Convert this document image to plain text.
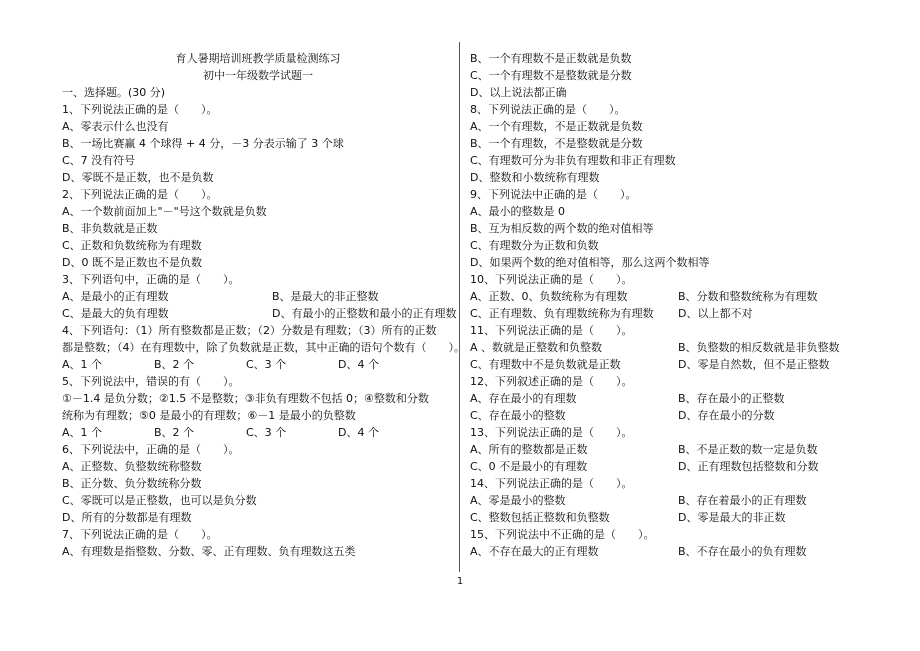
育人暑期培训班教学质量检测练习
初中一年级数学试题一
一、选择题。(30 分)
1、下列说法正确的是（　　）。
A、零表示什么也没有
B、一场比赛赢 4 个球得 + 4 分，－3 分表示输了 3 个球
C、7 没有符号
D、零既不是正数，也不是负数
2、下列说法正确的是（　　）。
A、一个数前面加上"－"号这个数就是负数
B、非负数就是正数
C、正数和负数统称为有理数
D、0 既不是正数也不是负数
3、下列语句中，正确的是（　　）。
A、是最小的正有理数	B、是最大的非正整数
C、是最大的负有理数	D、有最小的正整数和最小的正有理数
4、下列语句：（1）所有整数都是正数；（2）分数是有理数；（3）所有的正数
都是整数；（4）在有理数中，除了负数就是正数，其中正确的语句个数有（　　）。
A、1 个	B、2 个	C、3 个	D、4 个
5、下列说法中，错误的有（　　）。
①－1.4 是负分数；②1.5 不是整数；③非负有理数不包括 0；④整数和分数
统称为有理数；⑤0 是最小的有理数；⑥－1 是最小的负整数
A、1 个	B、2 个	C、3 个	D、4 个
6、下列说法中，正确的是（　　）。
A、正整数、负整数统称整数
B、正分数、负分数统称分数
C、零既可以是正整数，也可以是负分数
D、所有的分数都是有理数
7、下列说法正确的是（　　）。
A、有理数是指整数、分数、零、正有理数、负有理数这五类
B、一个有理数不是正数就是负数
C、一个有理数不是整数就是分数
D、以上说法都正确
8、下列说法正确的是（　　）。
A、一个有理数，不是正数就是负数
B、一个有理数，不是整数就是分数
C、有理数可分为非负有理数和非正有理数
D、整数和小数统称有理数
9、下列说法中正确的是（　　）。
A、最小的整数是 0
B、互为相反数的两个数的绝对值相等
C、有理数分为正数和负数
D、如果两个数的绝对值相等，那么这两个数相等
10、下列说法正确的是（　　）。
A、正数、0、负数统称为有理数	B、分数和整数统称为有理数
C、正有理数、负有理数统称为有理数 D、以上都不对
11、下列说法正确的是（　　）。
A 、数就是正整数和负整数	B、负整数的相反数就是非负整数
C、有理数中不是负数就是正数	D、零是自然数，但不是正整数
12、下列叙述正确的是（　　）。
A、存在最小的有理数	B、存在最小的正整数
C、存在最小的整数	D、存在最小的分数
13、下列说法正确的是（　　）。
A、所有的整数都是正数	B、不是正数的数一定是负数
C、0 不是最小的有理数	D、正有理数包括整数和分数
14、下列说法正确的是（　　）。
A、零是最小的整数	B、存在着最小的正有理数
C、整数包括正整数和负整数	D、零是最大的非正数
15、下列说法中不正确的是（　　）。
A、不存在最大的正有理数	B、不存在最小的负有理数
1
